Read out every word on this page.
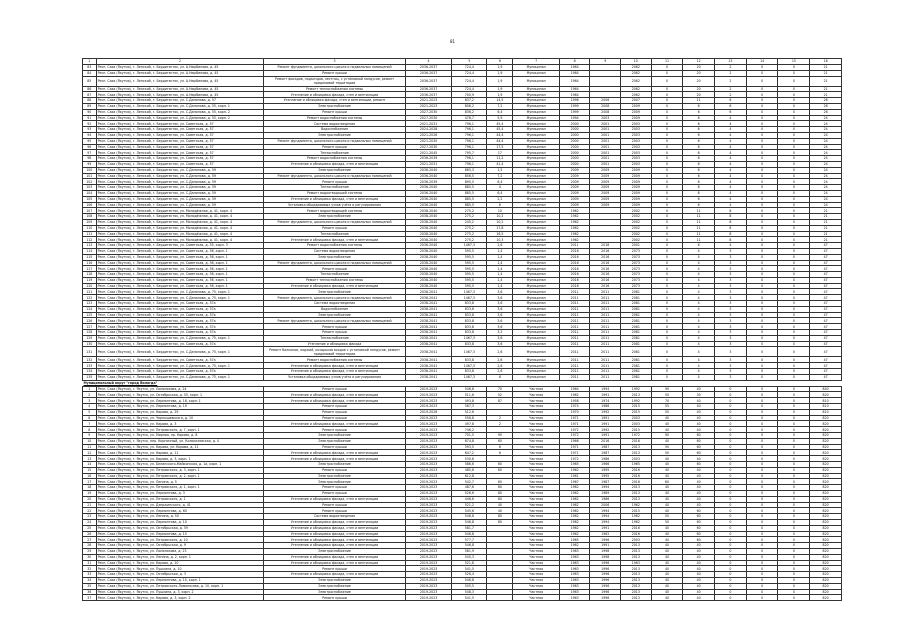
81
1	2	3	4	5	6	7	8	9	10	11	12	13	14	15	16
83	Респ. Саха (Якутия), г. Ленский, г. Бердигестях, ул. А.Нюрбинова, д. 45	Ремонт фундамента, цокольного цоколя и подвальных помещений	2036-2037	724,4	1,9	Муниципал	1964		2062	0	20	2	0	0	21
84	Респ. Саха (Якутия), г. Ленский, г. Бердигестях, ул. А.Нюрбинова, д. 45	Ремонт крыши	2036-2037	724,4	1,9	Муниципал	1964		2062	0	20	2	0	0	21
85	Респ. Саха (Якутия), г. Ленский, г. Бердигестях, ул. А.Нюрбинова, д. 45	Ремонт фасадов, подъездов, лестниц, с установкой пандусов, ремонт придомовой территории	2036-2037	724,4	1,9	Муниципал	1964		2062	0	20	2	0	0	21
86	Респ. Саха (Якутия), г. Ленский, г. Бердигестях, ул. А.Нюрбинова, д. 45	Ремонт теплоснабжения системы	2036-2037	724,4	1,9	Муниципал	1964		2062	0	20	2	0	0	21
87	Респ. Саха (Якутия), г. Ленский, г. Бердигестях, ул. А.Нюрбинова, д. 45	Утепление и облицовка фасада, стен и вентиляции	2036-2037	700,9	1,9	Муниципал	1964		2062	0	20	2	0	0	21
88	Респ. Саха (Якутия), г. Ленский, г. Бердигестях, ул. С.Данилова, д. 57	Утепление и облицовка фасада, стен и вентиляции, ремонт	2021-2023	837,2	14,5	Муниципал	1996	2006	2007	0	11	6	0	0	26
89	Респ. Саха (Якутия), г. Ленский, г. Бердигестях, ул. С.Данилова, д. 55, корп. 1	Электроснабжение	2021-2023	808,2	7,2	Муниципал	1999	2008	2009	0	6	6	0	0	26
90	Респ. Саха (Якутия), г. Ленский, г. Бердигестях, ул. С.Данилова, д. 55, корп. 2	Ремонт крыши	2027-2030	836,2	6,4	Муниципал	1999	2008	2009	0	6	6	0	0	26
91	Респ. Саха (Якутия), г. Ленский, г. Бердигестях, ул. С.Данилова, д. 55, корп. 2	Ремонт водоснабжения системы	2027-2030	476,7	5,9	Муниципал	1994	2003	2009	0	6	4	0	0	24
92	Респ. Саха (Якутия), г. Ленский, г. Бердигестях, ул. Советская, д. 57	Система водоотведения	2021-2031	796,1	45,4	Муниципал	2000	2001	2003	0	6	4	0	0	24
93	Респ. Саха (Якутия), г. Ленский, г. Бердигестях, ул. Советская, д. 57	Водоснабжение	2024-2028	796,1	45,4	Муниципал	2000	2001	2003	0	6	4	0	0	24
94	Респ. Саха (Якутия), г. Ленский, г. Бердигестях, ул. Советская, д. 57	Электроснабжение	2021-2026	796,1	44,4	Муниципал	2000	2001	2003	0	6	4	0	0	24
95	Респ. Саха (Якутия), г. Ленский, г. Бердигестях, ул. Советская, д. 57	Ремонт фундамента, цокольного цоколя и подвальных помещений	2021-2030	796,1	44,4	Муниципал	2000	2001	2003	0	6	4	0	0	24
96	Респ. Саха (Якутия), г. Ленский, г. Бердигестях, ул. Советская, д. 57	Ремонт крыши	2027-2030	796,1	17,5	Муниципал	2000	2001	2003	0	6	4	0	0	24
97	Респ. Саха (Якутия), г. Ленский, г. Бердигестях, ул. Советская, д. 57	Теплоснабжение	2021-2045	795,7	17	Муниципал	2000	2001	2003	0	6	4	0	0	24
98	Респ. Саха (Якутия), г. Ленский, г. Бердигестях, ул. Советская, д. 57	Ремонт водоснабжения системы	2036-2039	796,1	11,2	Муниципал	2000	2001	2003	0	6	4	0	0	24
99	Респ. Саха (Якутия), г. Ленский, г. Бердигестях, ул. Советская, д. 57	Утепление и облицовка фасада, стен и вентиляции	2021-2031	796,1	41,4	Муниципал	2000	2001	2003	0	6	4	0	0	24
100	Респ. Саха (Якутия), г. Ленский, г. Бердигестях, ул. С.Данилова, д. 59	Электроснабжение	2036-2040	865,3	1,5	Муниципал	2009	2009	2009	0	6	4	0	0	24
101	Респ. Саха (Якутия), г. Ленский, г. Бердигестях, ул. С.Данилова, д. 59	Ремонт фундамента, цокольного цоколя и подвальных помещений	2036-2040	856,5	7,2	Муниципал	2009	2009	2009	0	6	4	0	0	24
102	Респ. Саха (Якутия), г. Ленский, г. Бердигестях, ул. С.Данилова, д. 59	Ремонт крыши	2036-2039	895,5	6,4	Муниципал	2009	2009	2009	0	6	4	0	0	24
103	Респ. Саха (Якутия), г. Ленский, г. Бердигестях, ул. С.Данилова, д. 59	Теплоснабжение	2036-2040	885,5	4	Муниципал	2009	2009	2009	0	6	4	0	0	24
104	Респ. Саха (Якутия), г. Ленский, г. Бердигестях, ул. С.Данилова, д. 59	Ремонт водоотводящей системы	2036-2040	885,5	6,4	Муниципал	2009	2009	2009	0	6	4	0	0	24
105	Респ. Саха (Якутия), г. Ленский, г. Бердигестях, ул. С.Данилова, д. 59	Утепление и облицовка фасада, стен и вентиляции	2036-2040	885,5	2,2	Муниципал	2009	2009	2009	0	6	4	0	0	24
106	Респ. Саха (Якутия), г. Ленский, г. Бердигестях, ул. С.Данилова, д. 59	Установка общедомовых узлов учёта и регулирования	2036-2040	885,5	6	Муниципал	2009	2009	2009	0	6	4	0	0	24
107	Респ. Саха (Якутия), г. Ленский, г. Бердигестях, ул. Молодёжная, д. 41, корп. 4	Ремонт водоотводящей системы	2038-2040	275,2	10	Муниципал	1962		2002	0	11	8	0	0	21
108	Респ. Саха (Якутия), г. Ленский, г. Бердигестях, ул. Молодёжная, д. 41, корп. 4	Электроснабжение	2038-2040	275,2	10,2	Муниципал	1962		2002	0	11	8	0	0	21
109	Респ. Саха (Якутия), г. Ленский, г. Бердигестях, ул. Молодёжная, д. 41, корп. 4	Ремонт фундамента, цокольного цоколя и подвальных помещений	2038-2040	245,2	10,2	Муниципал	1962		2002	0	11	8	0	0	21
110	Респ. Саха (Якутия), г. Ленский, г. Бердигестях, ул. Молодёжная, д. 41, корп. 4	Ремонт крыши	2038-2040	275,2	17,8	Муниципал	1962		2002	0	11	8	0	0	21
111	Респ. Саха (Якутия), г. Ленский, г. Бердигестях, ул. Молодёжная, д. 41, корп. 4	Теплоснабжение	2038-2040	275,2	16,5	Муниципал	1962		2002	0	11	8	0	0	21
112	Респ. Саха (Якутия), г. Ленский, г. Бердигестях, ул. Молодёжная, д. 41, корп. 4	Утепление и облицовка фасада, стен и вентиляции	2038-2040	275,2	10,3	Муниципал	1962		2002	0	11	8	0	0	21
113	Респ. Саха (Якутия), г. Ленский, г. Бердигестях, ул. Советская, д. 55, корп. 3	Ремонт водоснабжения системы	2036-2040	1467,3	2,6	Муниципал	2011	2018	2001	0	6	4	0	0	47
114	Респ. Саха (Якутия), г. Ленский, г. Бердигестях, ул. Советская, д. 56, корп. 1	Система водоотведения	2038-2040	595,5	1,4	Муниципал	2016	2016	2073	0	4	3	0	0	47
115	Респ. Саха (Якутия), г. Ленский, г. Бердигестях, ул. Советская, д. 56, корп. 1	Электроснабжение	2038-2040	595,5	1,4	Муниципал	2016	2016	2073	0	4	3	0	0	47
116	Респ. Саха (Якутия), г. Ленский, г. Бердигестях, ул. Советская, д. 56, корп. 1	Ремонт фундамента, цокольного цоколя и подвальных помещений	2038-2040	595,5	1,4	Муниципал	2016	2016	2073	0	4	3	0	0	47
117	Респ. Саха (Якутия), г. Ленский, г. Бердигестях, ул. Советская, д. 56, корп. 1	Ремонт крыши	2038-2040	595,5	1,4	Муниципал	2016	2016	2073	0	4	3	0	0	47
118	Респ. Саха (Якутия), г. Ленский, г. Бердигестях, ул. Советская, д. 56, корп. 1	Теплоснабжение	2038-2040	595,5	1,4	Муниципал	2016	2016	2073	0	4	3	0	0	47
119	Респ. Саха (Якутия), г. Ленский, г. Бердигестях, ул. Советская, д. 56, корп. 1	Ремонт теплоснабжения системы	2038-2040	595,5	1,4	Муниципал	2016	2016	2073	0	4	3	0	0	47
120	Респ. Саха (Якутия), г. Ленский, г. Бердигестях, ул. Советская, д. 56, корп. 1	Утепление и облицовка фасада, стен и вентиляции	2038-2040	595,5	1,4	Муниципал	2016	2016	2073	0	4	3	0	0	47
121	Респ. Саха (Якутия), г. Ленский, г. Бердигестях, ул. С.Данилова, д. 75, корп. 1	Электроснабжение	2038-2041	1467,3	3,6	Муниципал	2011	2011	2081	0	4	3	0	0	47
122	Респ. Саха (Якутия), г. Ленский, г. Бердигестях, ул. С.Данилова, д. 75, корп. 1	Ремонт фундамента, цокольного цоколя и подвальных помещений	2038-2041	1467,3	3,6	Муниципал	2011	2011	2081	0	4	3	0	0	47
123	Респ. Саха (Якутия), г. Ленский, г. Бердигестях, ул. Советская, д. 57а	Система водоотведения	2038-2041	833,8	3,6	Муниципал	2011	2011	2081	0	4	3	0	0	47
124	Респ. Саха (Якутия), г. Ленский, г. Бердигестях, ул. Советская, д. 57а	Водоснабжение	2038-2041	833,8	3,6	Муниципал	2011	2011	2081	0	4	3	0	0	47
125	Респ. Саха (Якутия), г. Ленский, г. Бердигестях, ул. Советская, д. 57а	Электроснабжение	2038-2041	833,8	3,6	Муниципал	2011	2011	2081	0	4	3	0	0	47
126	Респ. Саха (Якутия), г. Ленский, г. Бердигестях, ул. Советская, д. 57а	Ремонт фундамента, цокольного цоколя и подвальных помещений	2038-2041	833,8	3,6	Муниципал	2011	2011	2081	0	4	3	0	0	47
127	Респ. Саха (Якутия), г. Ленский, г. Бердигестях, ул. Советская, д. 57а	Ремонт крыши	2038-2041	833,8	3,6	Муниципал	2011	2011	2081	0	4	3	0	0	47
128	Респ. Саха (Якутия), г. Ленский, г. Бердигестях, ул. Советская, д. 57а	Ремонт крыши	2038-2041	833,8	3,2	Муниципал	2011	2011	2081	0	4	3	0	0	47
129	Респ. Саха (Якутия), г. Ленский, г. Бердигестях, ул. С.Данилова, д. 75, корп. 1	Теплоснабжение	2038-2041	1467,3	3,6	Муниципал	2011	2011	2081	0	4	3	0	0	47
130	Респ. Саха (Якутия), г. Ленский, г. Бердигестях, ул. Советская, д. 57а	Утепление и облицовка фасада	2038-2041	833,8	3,6	Муниципал	2011	2011	2081	0	4	3	0	0	47
131	Респ. Саха (Якутия), г. Ленский, г. Бердигестях, ул. С.Данилова, д. 75, корп. 1	Ремонт балконов, лоджий, козырьков входов с установкой пандусов, ремонт придомовой территории	2038-2041	1467,3	2,6	Муниципал	2011	2011	2081	0	4	3	0	0	47
132	Респ. Саха (Якутия), г. Ленский, г. Бердигестях, ул. Советская, д. 57а	Ремонт водоснабжения системы	2038-2041	833,8	2,6	Муниципал	2011	2011	2081	0	4	3	0	0	47
133	Респ. Саха (Якутия), г. Ленский, г. Бердигестях, ул. С.Данилова, д. 75, корп. 1	Утепление и облицовка фасада, стен и вентиляции	2038-2041	1467,3	2,6	Муниципал	2011	2011	2081	0	4	3	0	0	47
134	Респ. Саха (Якутия), г. Ленский, г. Бердигестях, ул. Советская, д. 57а	Утепление и облицовка фасада, стен и вентиляции	2038-2041	833,8	2,6	Муниципал	2011	2011	2081	0	4	3	0	0	47
135	Респ. Саха (Якутия), г. Ленский, г. Бердигестях, ул. С.Данилова, д. 75, корп. 1	Установка общедомовых узлов учёта и регулирования	2038-2041	1467,3	6	Муниципал	2011	2011	2081	0	4	3	0	0	47
Муниципальный округ "город Вологда"															
1	Респ. Саха (Якутия), г. Якутск, ул. Ломоносова, д. 24	Ремонт крыши	2019-2023	546,8	70	Частная	1964	1994	1992	90	40	0	0	0	840
2	Респ. Саха (Якутия), г. Якутск, ул. Октябрьская, д. 55, корп. 1	Утепление и облицовка фасада, стен и вентиляции	2019-2023	511,6	52	Частная	1962	1991	2013	50	30	0	0	0	820
3	Респ. Саха (Якутия), г. Якутск, ул. Лермонтова, д. 18, корп. 1	Утепление и облицовка фасада, стен и вентиляции	2019-2023	493,8	87	Частная	1958	1974	1992	70	40	0	0	0	810
4	Респ. Саха (Якутия), г. Якутск, ул. Лермонтова, д. 19	Ремонт крыши	2019-2023	567,3		Частная	1974	1986	2015	55	40	0	0	0	810
5	Респ. Саха (Якутия), г. Якутск, ул. Кирова, д. 29	Ремонт крыши	2019-2026	512,6		Частная	1970	1992	2015	50	40	0	0	0	810
6	Респ. Саха (Якутия), г. Якутск, ул. Чернышевского, д. 10	Ремонт крыши	2019-2023	556,8	2	Частная	1971	1991	2003	40	40	0	0	0	820
7	Респ. Саха (Якутия), г. Якутск, ул. Кирова, д. 3	Утепление и облицовка фасада, стен и вентиляции	2019-2023	497,8	2	Частная	1971	1991	2003	40	40	0	0	0	820
8	Респ. Саха (Якутия), г. Якутск, ул. Петровского, д. 7, корп. 1	Ремонт крыши	2019-2023	746,2		Частная	1972	1992	2015	40	40	0	0	0	820
9	Респ. Саха (Якутия), г. Якутск, ул. Мирная, пр. Кирова, д. 8	Электроснабжение	2019-2023	701,5	90	Частная	1972	1991	1972	90	60	0	0	0	820
10	Респ. Саха (Якутия), г. Якутск, пер. Кирпичный, ул. Колоколовская, д. 4	Электроснабжение	2019-2023	674,8	60	Частная	1966	2016	2016	40	60	0	0	0	820
11	Респ. Саха (Якутия), г. Якутск, ул. Кирова, ул. Кирова, д. 11	Ремонт крыши	2019-2023	593,5	6	Частная	1971	1987	2013	50	60	0	0	0	820
12	Респ. Саха (Якутия), г. Якутск, ул. Кирова, д. 11	Утепление и облицовка фасада, стен и вентиляции	2019-2023	647,2	6	Частная	1971	1987	2013	50	60	0	0	0	820
13	Респ. Саха (Якутия), г. Якутск, ул. Кирова, д. 3, корп. 1	Утепление и облицовка фасада, стен и вентиляции	2019-2023	530,6		Частная	1972	1986	2003	40	40	0	0	0	820
14	Респ. Саха (Якутия), г. Якутск, ул. Белинского-Майкопская, д. 1а, корп. 1	Электроснабжение	2019-2023	586,6	60	Частная	1965	1966	1965	40	60	0	0	0	820
15	Респ. Саха (Якутия), г. Якутск, ул. Петровского, д. 3, корп. 1	Ремонт крыши	2019-2023	485,6	60	Частная	1962	1995	2016	40	40	0	0	0	820
16	Респ. Саха (Якутия), г. Якутск, ул. Петровского, д. 2, корп. 1	Электроснабжение	2019-2023	612,8		Частная	1961	1995	2016	40	40	0	0	0	820
17	Респ. Саха (Якутия), г. Якутск, ул. Ленина, д. 5	Электроснабжение	2019-2023	542,7	60	Частная	1967	1987	2016	60	40	0	0	0	820
18	Респ. Саха (Якутия), г. Якутск, ул. Петровского, д. 1, корп. 1	Ремонт крыши	2019-2023	487,6	60	Частная	1962	1994	2013	40	40	0	0	0	820
19	Респ. Саха (Якутия), г. Якутск, ул. Лермонтова, д. 3	Ремонт крыши	2019-2023	526,6	60	Частная	1962	1989	2013	40	40	0	0	0	820
20	Респ. Саха (Якутия), г. Якутск, ул. Петровского, д. 1	Утепление и облицовка фасада, стен и вентиляции	2019-2023	446,6	60	Частная	1962	1986	2013	40	40	0	0	0	820
21	Респ. Саха (Якутия), г. Якутск, ул. Дзержинского, д. 41	Ремонт крыши	2019-2023	521,2	40	Частная	1962	2006	1962	40	40	0	0	0	820
22	Респ. Саха (Якутия), г. Якутск, ул. Лермонтова, д. 60	Ремонт крыши	2019-2023	545,6	40	Частная	1962	1994	2015	40	60	0	0	0	820
23	Респ. Саха (Якутия), г. Якутск, ул. Ленина, д. 50	Система водоотведения	2019-2023	546,8	80	Частная	1962	1994	1962	50	60	0	0	0	820
24	Респ. Саха (Якутия), г. Якутск, ул. Лермонтова, д. 10	Утепление и облицовка фасада, стен и вентиляции	2019-2023	546,8	80	Частная	1962	1994	1962	50	60	0	0	0	820
25	Респ. Саха (Якутия), г. Якутск, ул. Октябрьская, д. 59	Утепление и облицовка фасада, стен и вентиляции	2019-2023	581,7		Частная	1962	1991	2016	40	60	0	0	0	820
26	Респ. Саха (Якутия), г. Якутск, ул. Лермонтова, д. 15	Утепление и облицовка фасада, стен и вентиляции	2019-2023	546,8		Частная	1962	1982	2016	40	60	0	0	0	820
27	Респ. Саха (Якутия), г. Якутск, ул. Петровского, д. 10	Утепление и облицовка фасада, стен и вентиляции	2019-2023	577,7		Частная	1965	1996	2003	40	60	0	0	0	820
28	Респ. Саха (Якутия), г. Якутск, ул. Октябрьская, д. 9	Утепление и облицовка фасада, стен и вентиляции	2019-2023	546,8		Частная	1962	1991	2013	40	40	0	0	0	820
29	Респ. Саха (Якутия), г. Якутск, ул. Ломоносова, д. 23	Электроснабжение	2019-2023	581,9		Частная	1963	1998	2013	40	40	0	0	0	820
30	Респ. Саха (Якутия), г. Якутск, ул. Ленина, д. 2, корп. 1	Утепление и облицовка фасада, стен и вентиляции	2019-2023	545,3		Частная	1963	1998	2013	40	40	0	0	0	820
31	Респ. Саха (Якутия), г. Якутск, ул. Кирова, д. 10	Утепление и облицовка фасада, стен и вентиляции	2019-2023	521,8		Частная	1963	1996	1963	40	40	0	0	0	820
32	Респ. Саха (Якутия), г. Якутск, ул. Пушкина, д. 10	Ремонт крыши	2019-2023	541,5		Частная	1963	1996	2013	40	40	0	0	0	820
33	Респ. Саха (Якутия), г. Якутск, ул. Октябрьская, д. 3	Утепление и облицовка фасада, стен и вентиляции	2019-2023	526,4		Частная	1963	1996	2013	40	40	0	0	0	820
34	Респ. Саха (Якутия), г. Якутск, ул. Лермонтова, д. 10, корп. 1	Электроснабжение	2019-2023	546,8		Частная	1963	1996	2013	40	40	0	0	0	820
35	Респ. Саха (Якутия), г. Якутск, ул. Петровского-Ломоносова, д. 10, корп. 1	Электроснабжение	2019-2023	505,5		Частная	1963	1996	2013	40	40	0	0	0	820
36	Респ. Саха (Якутия), г. Якутск, ул. Пушкина, д. 3, корп. 2	Электроснабжение	2019-2023	548,3		Частная	1963	1996	2013	40	40	0	0	0	820
37	Респ. Саха (Якутия), г. Якутск, ул. Кирова, д. 3, корп. 2	Ремонт крыши	2019-2023	541,5		Частная	1963	1996	2013	40	40	0	0	0	820
